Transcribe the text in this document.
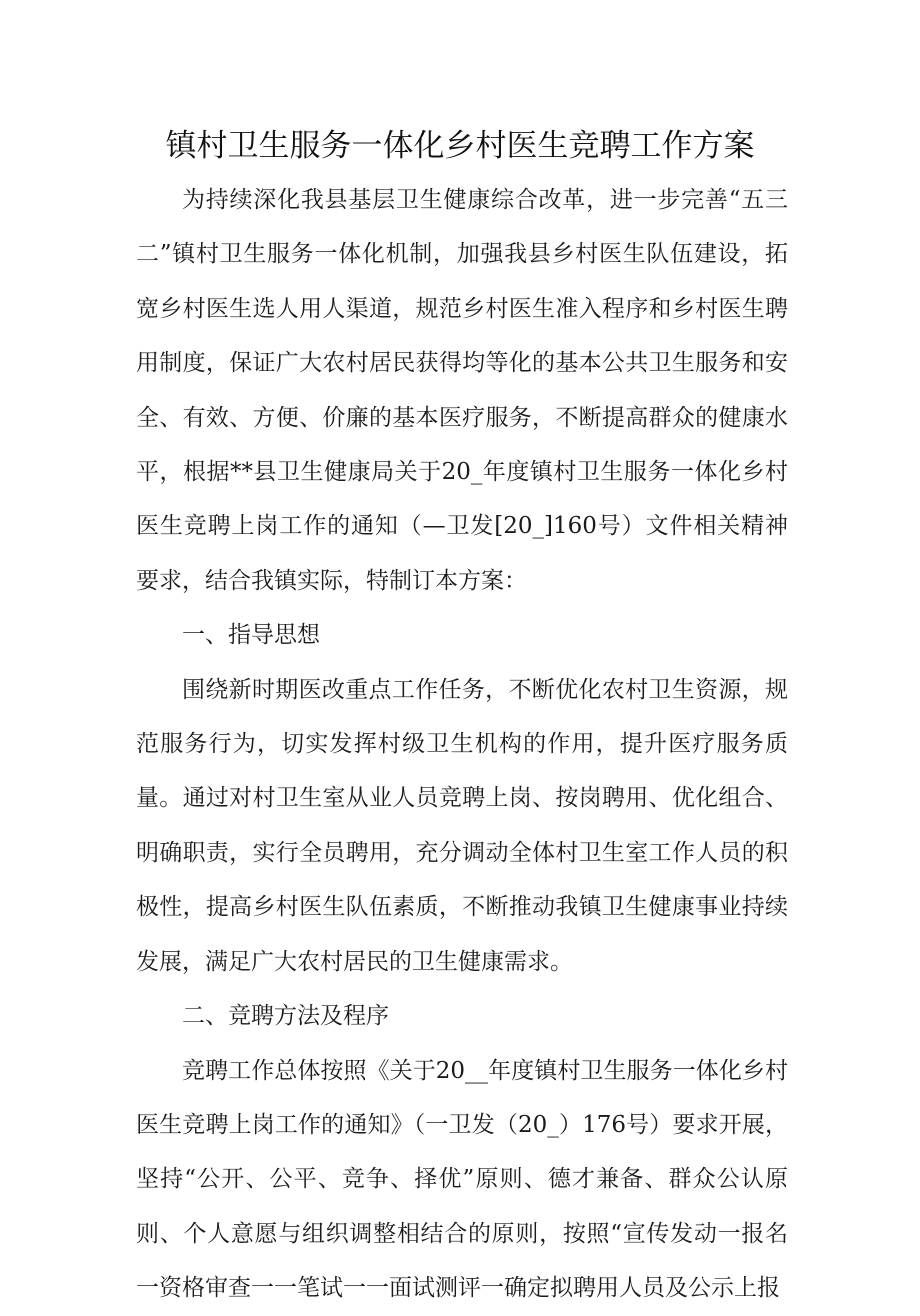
镇村卫生服务一体化乡村医生竞聘工作方案

为持续深化我县基层卫生健康综合改革，进一步完善“五三二”镇村卫生服务一体化机制，加强我县乡村医生队伍建设，拓宽乡村医生选人用人渠道，规范乡村医生准入程序和乡村医生聘用制度，保证广大农村居民获得均等化的基本公共卫生服务和安全、有效、方便、价廉的基本医疗服务，不断提高群众的健康水平，根据**县卫生健康局关于20_年度镇村卫生服务一体化乡村医生竞聘上岗工作的通知（—卫发[20_]160号）文件相关精神要求，结合我镇实际，特制订本方案：

一、指导思想

围绕新时期医改重点工作任务，不断优化农村卫生资源，规范服务行为，切实发挥村级卫生机构的作用，提升医疗服务质量。通过对村卫生室从业人员竞聘上岗、按岗聘用、优化组合、明确职责，实行全员聘用，充分调动全体村卫生室工作人员的积极性，提高乡村医生队伍素质，不断推动我镇卫生健康事业持续发展，满足广大农村居民的卫生健康需求。

二、竞聘方法及程序

竞聘工作总体按照《关于20__年度镇村卫生服务一体化乡村医生竞聘上岗工作的通知》（一卫发（20_）176号）要求开展，坚持“公开、公平、竞争、择优”原则、德才兼备、群众公认原则、个人意愿与组织调整相结合的原则，按照“宣传发动一报名一资格审查一一笔试一一面试测评一确定拟聘用人员及公示上报
